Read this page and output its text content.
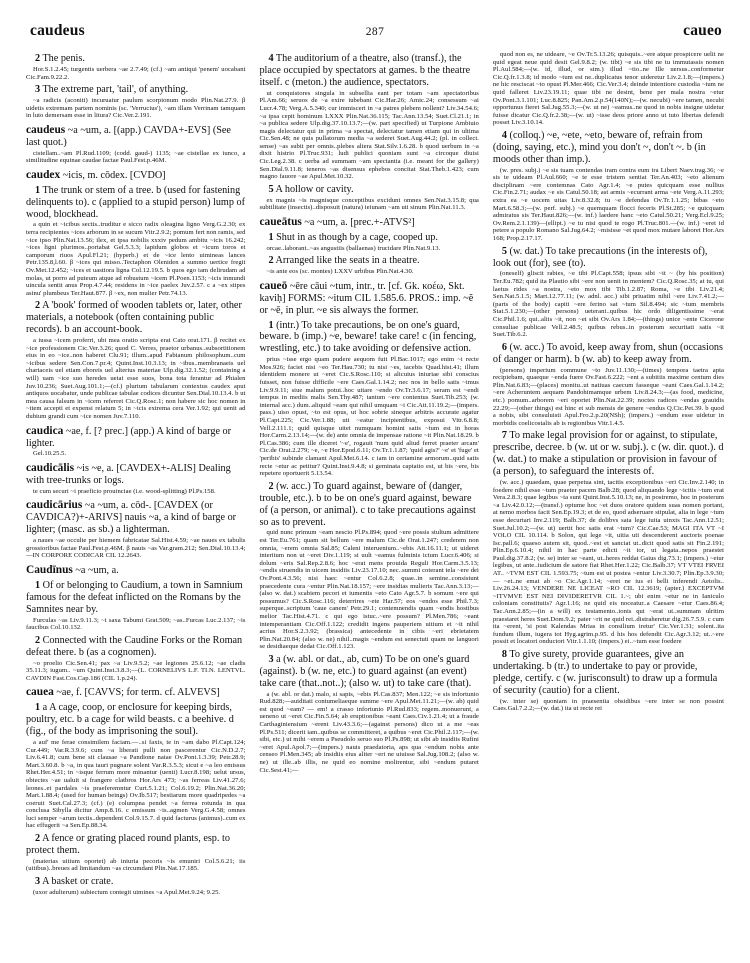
caudeus	287	caueo

2 The penis.

Hor.S.1.2.45; turgentis uerbera ~ae 2.7.49; (cf.) ~am antiqui 'penem' uocabant Cic.Fam.9.22.2.

3 The extreme part, 'tail', of anything.

~a radicis (aconiti) incuruatur paulum scorpionum modo Plin.Nat.27.9. β uidetis extremam partem nominis (sc. 'Verrucius'), ~am illam Verrinam tamquam in luto demersam esse in litura? Cic.Ver.2.191.

caudeus ~a ~um, a. [(app.) CAVDA+-EVS] (See last quot.)

cistellam..~am Pl.Rud.1109; (codd. gaud-) 1135; ~ae cistellae ex iunco, a similitudine equinae caudae factae Paul.Fest.p.46M.

caudex ~icis, m. cōdex. [CVDO]

1 The trunk or stem of a tree. b (used for fastening delinquents to). c (applied to a stupid person) lump of wood, blockhead.

a quin et ~icibus sectis..truditur e sicco radix oleagina ligno Verg.G.2.30; ex terra recipientes ~ices arborum in se sucum Vitr.2.9.2; pomum fert non ramis, sed ~ice ipso Plin.Nat.13.56; ilex, et ipsa nobilis xxxiv pedum ambitu ~icis 16.242; ~ices ligni plurimos..portabat Gel.5.3.3; lapidum globos et ~icum toros et camporum riuos Apul.Fl.21; (hyperb.) et de ~ice lento uimineas lances Petr.135.8,l.60. β ~ices qui misso..Tectaphon Oleniden a summo uertice fregit Ov.Met.12.452; ~ices et uastiora ligna Col.12.19.5. b quos ego iam delirudam ad molas, ut porro ad puteum atque ad robustum ~icem Pl.Poen.1153; ~icis inmundi uincula sentit anus Prop.4.7.44; residens in ~ice paelex Juv.2.57. c a ~ex stipes asinu' plumbeus Ter.Haut.877. β ~ex, non mulier Petr.74.13.

2 A 'book' formed of wooden tablets or, later, other materials, a notebook (often containing public records). b an account-book.

a iussa ~icem proferri, ubi mea oratio scripta erat Cato orat.171. β recitet ex ~ice professionem Cic.Ver.3.26; quod C. Verres, praetor urbanus..subsortitionem eius in eo ~ice..non haberet Clu.91; illum..apud Fabianum philosophum..cum ~icibus sedere Sen.Con.7.pr.4; Quint.Inst.10.3.13; in ~ibus..membranaeis uel chartaceis uel etiam eboreis uel alterius materiae Ulp.dig.32.1.52; (containing a will) uam ~ice suo heredes uetat esse suos, bona tota ferantur ad Phialen Juv.10.236; Suet.Aug.101.1;—(cf.) plurium tabularum contextus caudex aput antiquos uocabatur, unde publicae tabulae codices dicuntur Sen.Dial.10.13.4. b ut mea causa falsum in ~icem referret Cic.Q.Rosc.1; non habere sic hoc nomen in ~item accepti et expensi relatum 5; in ~icis extrema cera Ver.1.92; qui uenit ad dubium grandi cum ~ice nomen Juv.7.110.

caudica ~ae, f. [? prec.] (app.) A kind of barge or lighter.

Gel.10.25.5.

caudicālis ~is ~e, a. [CAVDEX+-ALIS] Dealing with tree-trunks or logs.

te cum securi ~i praeficio prouinciae (i.e. wood-splitting) Pl.Ps.158.

caudicārius ~a ~um, a. cōd-. [CAVDEX (or CAVDICA?)+-ARIVS] nauis ~a, a kind of barge or lighter; (masc. as sb.) a lighterman.

a naues ~ae occulte per hiemem fabricatae Sal.Hist.4.59; ~ae naues ex tabulis grossioribus factae Paul.Fest.p.46M. β nauis ~as Var.gram.212; Sen.Dial.10.13.4;—IN CORPORE CODICAR CIL 12.2643.

Caudīnus ~a ~um, a.

1 Of or belonging to Caudium, a town in Samnium famous for the defeat inflicted on the Romans by the Samnites near by.

Furculas ~as Liv.9.11.3; ~i saxa Tabumi Grat.509; ~as..Furcas Luc.2.137; ~is faucibus Col.10.132.

2 Connected with the Caudine Forks or the Roman defeat there. b (as a cognomen).

~o proelio Cic.Sen.41; pax ~a Liv.9.5.2; ~ae legiones 25.6.12; ~ae cladis 35.11.3; iugum.. ~um Quint.Inst.3.8.3;—(L. CORNELIVS L.F. TI.N. LENTVL. CAVDIN Fast.Cos.Cap.186 (CIL 1.p.24).

cauea ~ae, f. [CAVVS; for term. cf. ALVEVS]

1 a A cage, coop, or enclosure for keeping birds, poultry, etc. b a cage for wild beasts. c a beehive. d (fig., of the body as imprisoning the soul).

a auf' me ferae consimilem faciam.—..si faxis, te in ~am dabo Pl.Capt.124; Cur.449; Var.R.3.9.6; cum ~a liberati pulli non pascerentur Cic.N.D.2.7; Liv.6.41.8; cum bene sit clausae ~a Pandione natae Ov.Pont.1.3.39; Petr.28.9; Mart.3.60.8. b ~a, in qua tauri pugnare solent Var.R.3.5.3; sicut e ~a leo emissus Rhet.Her.4.51; in ~isque ferrum more minantur (uenti) Lucr.8.198; uelut ursus, obiectes ~ae ualuit si frangere clatbros Hor.Ars 473; ~as ferreas Liv.41.27.6; leones..et pardales ~is praeferemntur Curt.5.1.21; Col.6.19.2; Plin.Nat.36.20; Mart.1.88.4; (used for human beings) Ov.Ib.517; bestiarum more quadripedes ~a coeruit Suet.Cal.27.3; (cf.) (e) columpna pendet ~a ferrea rotunda in qua conclusa Sibylla dicitur Amp.8.16. c emissum ~is..agmen Verg.G.4.58; omnes luci semper ~arum tectis..dependent Col.9.15.7. d quid facturus (animus)..cum ex hac effugerit ~a Sen.Ep.88.34.

2 A fence or grating placed round plants, esp. to protect them.

(materias uitium oportet) ab iniuria pecoris ~is emuniri Col.5.6.21; iis (uitibus)..breues ad limitandum ~as circumdant Plin.Nat.17.185.

3 A basket or crate.

(uxor adulterum) subiectum contegit uimines ~a Apul.Met.9.24; 9.25.

4 The auditorium of a theatre, also (transf.), the place occupied by spectators at games. b the theatre itself. c (meton.) the audience, spectators.

ut conquistores singula in subsellia eant per totam ~am spectatoribus Pl.Am.66; seruos de ~a exire iubebant Cic.Har.26; Amic.24; consessum ~ai Lucr.4.78; Verg.A.5.340; cur immisceri in ~a patres plebem nollent? Liv.34.54.6; ~a ipsa cepit hominum LXXX Plin.Nat.36.115; Tac.Ann.13.54; Suet.Cl.21.1; in ~a publica sedere Ulp.dig.37.10.13.7;—(w. part specified) ut Turpione Ambiuio magis delectatur qui in prima ~a spectat, delectatur tamen etiam qui in ultima Cic.Sen.48; ne quis pullatorum media ~a sederet Suet.Aug.44.2; (pl. in collect. sense) ~as subit per omnis..plebes altera Stat.Silv.1.6.28. b quod uerbum in ~a dixit histrio Pl.Truc.931; ludi publici quoniam sunt ~a circoque diuisi Cic.Leg.2.38. c uerba ad summam ~am spectantia (i.e. meant for the gallery) Sen.Dial.9.11.8; teneros ~as disensus ephebos concitat Stat.Theb.1.423; cum magno fauore ~ae Apul.Met.10.32.

5 A hollow or cavity.

ex magnis ~is magnisque conceptibus excidunt omnes Sen.Nat.3.15.8; qua subtilitate (insectis)..disposuit (natura) ieiunam ~am uti sinum Plin.Nat.11.3.

caueātus ~a ~um, a. [prec.+-ATVS²]

1 Shut in as though by a cage, cooped up.

orcae..laborant..~as angustiis (ballaenas) trucidare Plin.Nat.9.13.

2 Arranged like the seats in a theatre.

~is ante eos (sc. montes) LXXV urbibus Plin.Nat.4.30.

caueō ~ēre cāui ~tum, intr., tr. [cf. Gk. κοέω, Skt. kaviḥ] FORMS: ~itum CIL 1.585.6. PROS.: imp. ~ĕ or ~ē, in plur. ~e sis always the former.

1 (intr.) To take precautions, be on one's guard, beware. b (imp.) ~e, beware! take care! c (in fencing, wrestling, etc.) to take avoiding or defensive action.

prius ~isse ergo quam pudere aequom fuit Pl.Bac.1017; ego enim ~i recte Mos.926; faciet nisi ~eo Ter.Hau.730; tu nisi ~es, iacebis Quad.hist.41; illum identidem monere ut ~eret Cic.S.Rosc.110; si alicuius iniuriae sibi conscius fuisset, non fuisse difficile ~ere Caes.Gal.1.14.2; nec nos in bello satis ~imus Liv.9.9.11; siue malum potui..hoc uitare ~endo Ov.Tr.3.6.17; seram est ~endi tempus in mediis malis Sen.Thy.487; tantum ~ere contentus Suet.Tib.253; (w. internal acc.) dum..aliquid ~eam qui nihil umquam ~i Cic.Att.11.19.2;—(impers. pass.) uiso opust, ~to est opus, ut hoc sobrie sineque arbitris accurate agatur Pl.Capt.225; Cic.Ver.1.88; uti ~eatur incipientibus, exposui Vitr.6.8.8; Vell.2.111.1; quid quisque uitet numquam homini satis ~tum est in horas Hor.Carm.2.13.14;—(w. de) ante omnia de impensae ratione ~it Plin.Nat.18.29. b Pl.Cas.386; cum ille diceret '~e', rogauit 'num quid aliud ferret praeter arcam' Cic.de Orat.2.279; ~e, ~e Hor.Epod.6.11; Ov.Tr.1.1.87; 'quid agis?' ~e' et 'fuge' et 'peribis' subinde clamant Apul.Met.6.14. c iam in certamine armorum..quid satis recte ~etur ac petitur? Quint.Inst.9.4.8; si geminata captatio est, ut bis ~ere, bis repetere oportuerit 5.13.54.

2 (w. acc.) To guard against, beware of (danger, trouble, etc.). b to be on one's guard against, beware of (a person, or animal). c to take precautions against so as to prevent.

quid nunc primum ~eam nescio Pl.Ps.894; quod ~ere possis stultum admittere est Ter.Eu.761; quam sit bellum ~ere malum Cic.de Orat.1.247; crederem non omnia, ~erem omnia Sal.85; Caleni interuenium..~ebis Att.16.11.1; ut uideret interitum non ut ~eret Div.1.119; si uult ~eamus fulminis ictum Lucr.6.406; si dolum ~eris Sal.Rep.2.8.6; hoc ~erat mens prouida Reguli Hor.Carm.3.5.13; ~endis struendis in uicem insidiis Liv.23.17.10; nec..summi coterant tela ~ere dei Ov.Pont.4.3.56; nisi haec ~entur Col.6.2.8; quae..in semine..consistunt praecedente cura ~entur Plin.Nat.18.157; ~ere insidias mulieris Tac.Ann.3.13;—(also w. dat.) scabiem pecori et iumentis ~eto Cato Agr.5.7. b somum ~ere qui possumus? Cic.S.Rosc.116; deterrires ~ete Har.57; eos ~endos esse Phil.7.3; superque..scriptum 'caue canem' Petr.29.1; contemnendis quam ~endis hostibus melior Tac.Hist.4.71. c qui ego istuc..~ere possum? Pl.Men.786; ~eant intemperantiam Cic.Off.1.122; credidit ingens pauperiem uitium et ~it nihil acrius Hor.S.2.3.92; (brassica) antecedente in cibis ~eri ebrietatem Plin.Nat.20.84; (also w. ne) nihil..magis ~endum est senectuti quam ne languori se desidiaeque dedat Cic.Off.1.123.

3 a (w. abl. or dat., ab, cum) To be on one's guard (against). b (w. ne, etc.) to guard against (an event) take care (that..not..); (also w. ut) to take care (that).

a (w. abl. or dat.) malo, si sapis, ~ebis Pl.Cas.837; Men.122; ~e sis infortunio Rud.828;—auiditati contumeliaeque summe ~ere Apul.Met.11.21;—(w. ab) quid est quod ~eam? — em! a crasso infortunio Pl.Rud.833; regem..monuerunt, a ueneno ut ~eret Cic.Fin.5.64; ab eruptionibus ~eant Caes.Civ.1.21.4; ut a fraude Carthaginiensium ~erent Liv.43.3.6;—(against persons) dico ut a me ~eas Pl.Ps.511; dicerit iam..quibus se committeret, a quibus ~eret Cic.Phil.2.117;—(w. sibi, etc.) ut mihi ~erem a Pseudolo seruo suo Pl.Ps.898; ut sibi ab insidiis Rufini ~eret Apul.Apol.7;—(impers.) nauis praedatoria, aps qua ~endum nobis ante censeo Pl.Men.345; ab insidiis eius aliter ~eri ne uiuisse Sal.Jug.108.2; (also w. ne) ut ille..ab illis, ne quid eo nomine molirentur, sibi ~endum putaret Cic.Sest.41;—

quod non es, ne uideare, ~e Ov.Tr.5.13.26; quisquis..~ere atque prospicere uelit ne quid egeat neue quid desit Gel.9.8.2; (w. tibi) ~e sis tibi ne tu immutassis nomen Pl.Aul.584;—(w. id, illud, or sim.) illud ~tio..ne Ille uersus..conformetur Cic.Q.fr.1.3.8; id modo ~tum est ne..duplicatus tenor uideretur Liv.2.1.8;—(impers.) ne hic resciscat ~to opust Pl.Mer.466; Cic.Ver.3.4; deinde intentiore custodia ~tum ne quid falleret Liv.23.19.11; quae tibi ne desint, bene per mala nostra ~etur Ov.Pont.3.1.101; Luc.8.825; Pan.Am.2.p.54(140N);—(w. necubi) ~ere tamen, necubi opportunus fieret Sal.Jug.55.3;—(w. ut ne) ~eamus..ne quod in nobis insigne uidetur fuisse dicatur Cic.Q.fr.2.38;—(w. ut) ~isse deos priore anno ut tuto libertas defendi posset Liv.3.10.14.

4 (colloq.) ~e, ~ete, ~eto, beware of, refrain from (doing, saying, etc.), mind you don't ~, don't ~. b (in moods other than imp.).

(w. pres. subj.) ~e sis tuam contendas iram contra eum ira Libert Naev.trag.36; ~e sis te uideam Pl.Aul.660; ~e te esse tristem sentiat Ter.An.403; ~eto alienum disciplinam ~ere contemnas Cato Agr.1.4; ~e putes quicquam esse nullius Cic.Fin.2.71; audax ~e sis Catul.50.18; ast armis ~ecurrant arma ~ete Verg.A.11.293; extra ea ~e uocem uitas Liv.8.32.8; tu ~e defendas Ov.Tr.1.1.25; bibas ~eto Mart.6.58.3;—(w. perf. subj.) ~e quemquam flocci feceris Pl.St.285; ~e quicquam admiratus sis Ter.Haut.826;—(w. inf.) laedere hanc ~eto Catul.50.21; Verg.Ecl.9.25; Ov.Rem.2.1.139)—(ellipt.) ~e tu nisi quod te rogo Pl.Truc.801.—(w. inf.) ~eret id petere a populo Romano Sal.Jug.64.2; ~misisse ~et quod mox mutare laboret Hor.Ars 168; Prop.2.17.17.

5 (w. dat.) To take precautions (in the interests of), look out (for), see (to).

(oneself) gliscit rabies, ~e tibi Pl.Capt.558; ipsus sibi ~it ~ (by his position) Ter.Eu.782; quid ita Plautio sibi ~ere non uenit in mentem? Cic.Q.Rosc.35; at tu, qui laetus rides ~a nostra, ~eto mox tibi Tib.1.2.87; Roma, ~e tibi Liv.21.4; Sen.Nat.5.1.5; Mart.12.77.11; (w. adnl. acc.) sibi priuatim nihil ~ere Liv.7.41.2;—(parts of the body) capiti ~ere ferino sat ~tum Sil.8.494; sic ~tum membris Stat.5.1.230;—(other persons) ueterani..quibus hic ordo diligentissime ~erat Cic.Phil.1.6; qui..aliis ~it, non ~et sibi Ov.Ars 1.84;—(things) unice ~ente Cicerone consuliae publicae Vell.2.48.5; quibus rebus..in posterum securitati satis ~it Suet.Tib.6.2.

6 (w. acc.) To avoid, keep away from, shun (occasions of danger or harm). b (w. ab) to keep away from.

(persons) imperium commune ~to Juv.11.130;—(times) tempora taetra apta recipiebam, quaeque ~enda fuere Ov.Fast.6.222; ~ent a subitiis maxime centum dies Plin.Nat.6.83;—(places) monitu..ut natiuas caecum fasseque ~eant Caes.Gal.1.14.2; ~ere Acheruntem aequam Pandohimamque urbem Liv.8.24.3;—(as food, medicine, etc.) pomum..arborem ~eri oportet Plin.Nat.22.39; noctes radices ~endas grauidis 22.29;—(other things) est hinc et sub mensis de genere ~endus Q.Cic.Pet.39. b quod a nobis, sibi consuluisti Apul.Fro.2.p.20(NSh); (impers.) ~endum esse uidetur in morbidis coelicostalis ab is regionibus Vitr.1.4.5.

7 To make legal provision for or against, to stipulate, prescribe, decree. b (w. ut or w. subj.). c (w. dir. quot.). d (w. dat.) to make a stipulation or provision in favour of (a person), to safeguard the interests of.

(w. acc.) quaedam, quae perpetua sint, tacitis exceptionibus ~eri Cic.Inv.2.140; in foedere nihil esse ~tum praeter pacem Balb.28; quod aliquando lege ~icitis ~tum erat Vera.2.8.3; quae legibus ~ta sunt Quint.Inst.5.10.13; ne, in postremo, hoc in posterum ~a Liv.42.0.12;—(transf.) optume hoc ~et duos oratore quidem suas nomen portant, at nemo morbos facit Sen.Ep.19.3; et de eo, quod adseruare stipulat, alia in lege ~tum esse decurtari Inv.2.119; Balb.37; de dolibvs sata lege iuita uinxis Tac.Ann.12.51; Suet.Jul.10.2;—(w. ut) uertit hoc satis erat ~tum? Cic.Cae.53; MAGI ITA VT ~I VOLO CIL 10.114. b Solon, qui lege ~it, uitia uti descenderent auctoris poenae Isc.pall.6; quaeso autem sit, quod..~est et sanciat ut..dicit quod satis sit Fin.2.191; Plin.Ep.6.10.4; nihil in hac parte edicti ~it ior, ut legata..nepos praestet Paul.dig.37.8.2; (w. se) inter se ~eant, ut..heres reddat Gaius dig.73.1; (impers.) ~etur legibus, ut ante..iudicium de satore fiat Rhet.Her.1.22; Cic.Balb.37; VT VTEI FRVEI AT.. ~TVM EST CIL 1.593.75; ~tum est ut postea ~entur Liv.3.30.7; Plin.Ep.3.9.30;— ~et..ne emat ab ~o Cic.Agr.1.14; ~eret ne ius ei belli inferendi Aetolis.. Liv.26.24.13; VENDERE NE LICEAT ~RO CIL 12.3619; (apter.) EXCEPTVM ~ITVMVE EST NEI DIVIDERETVR CIL 1.~; ubi enim ~etur ne in Ianiculo coloniam constitutis? Agr.1.16; ne quid eis noceatur..a Caesare ~etur Caes.86.4; Tac.Ann.2.85;—(in a will) ex testamento..ionis qui ~erat ut..summam ulritim praestaret heres Suet.Dom.9.2; pater ~rit ne quid rei..distraheretur dig.26.7.5.9. c cum ita ~erent, 'si post Kalendas Mrias in consilium iretur' Cic.Ver.1.31; solent..ita fundum illum, iugera tot Hyg.agrim.p.95. d his hos defendit Cic.Agr.3.12; ut..~ere possit et locatori onductori Vitr.1.1.10; (impers.) ei..~tum esse foedere

8 To give surety, provide guarantees, give an undertaking. b (tr.) to undertake to pay or provide, pledge, certify. c (w. jurisconsult) to draw up a formula of security (cautio) for a client.

(w. inter se) quoniam in praesentia obsidibus ~ere inter se non possint Caes.Gal.7.2.2;—(w. dat.) ita ut recte rei
